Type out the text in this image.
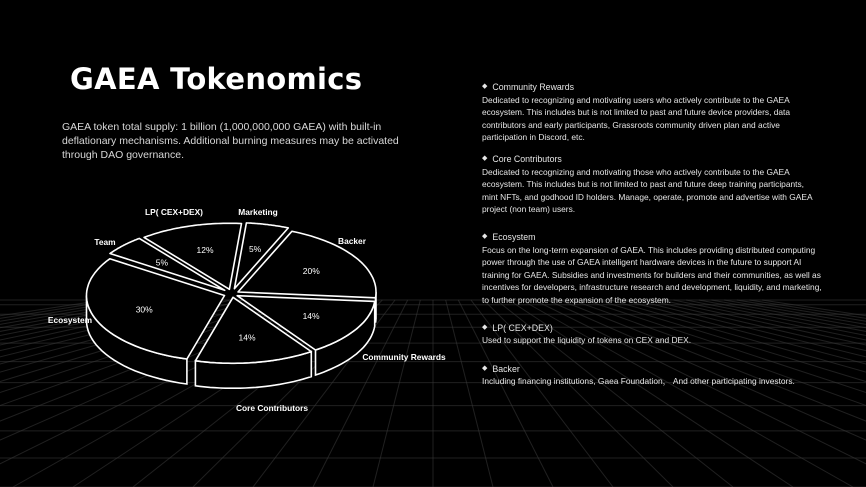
GAEA Tokenomics
GAEA token total supply: 1 billion (1,000,000,000 GAEA) with built-in deflationary mechanisms. Additional burning measures may be activated through DAO governance.
5%
20%
14%
14%
30%
5%
12%
Marketing
Backer
Community Rewards
Core Contributors
Ecosystem
Team
LP( CEX+DEX)
◆ Community Rewards

Dedicated to recognizing and motivating users who actively contribute to the GAEA ecosystem. This includes but is not limited to past and future device providers, data contributors and early participants, Grassroots community driven plan and active participation in Discord, etc.

◆ Core Contributors

Dedicated to recognizing and motivating those who actively contribute to the GAEA ecosystem. This includes but is not limited to past and future deep training participants, mint NFTs, and godhood ID holders. Manage, operate, promote and advertise with GAEA project (non team) users.

◆ Ecosystem

Focus on the long-term expansion of GAEA. This includes providing distributed computing power through the use of GAEA intelligent hardware devices in the future to support AI training for GAEA. Subsidies and investments for builders and their communities, as well as incentives for developers, infrastructure research and development, liquidity, and marketing, to further promote the expansion of the ecosystem.

◆ LP( CEX+DEX)

Used to support the liquidity of tokens on CEX and DEX.

◆ Backer

Including financing institutions, Gaea Foundation， And other participating investors.
